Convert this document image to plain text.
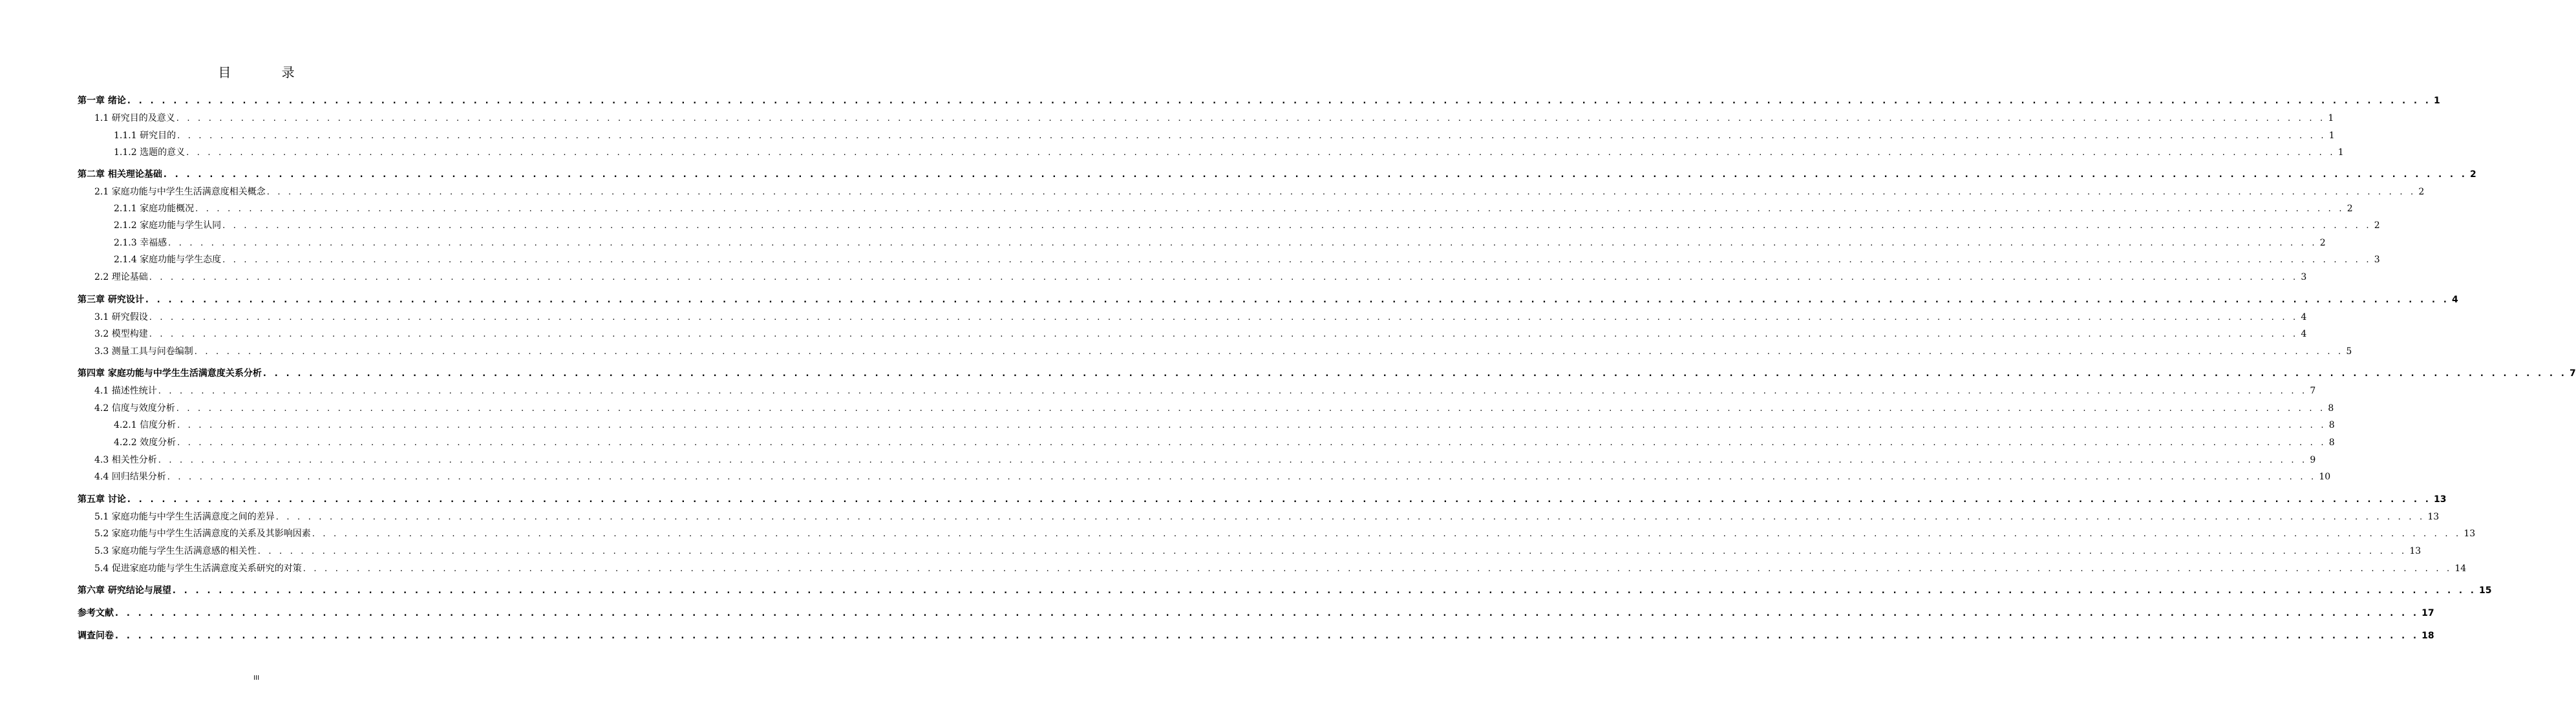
目 录
第一章 绪论 . . . . . . . . . . . . . . . . . . . . . . . . . . . . . . . . . . . . . . . . . . . . . . . . . . . . . . . . . . . . . . . . . . . . . . . . . . . . . . . . . . . . . . . . . . . . . . . . . . . . . . . . . . . . . . . . . . . . . . . . . . . . . . . . . . . . . . . . . . . . . . . . . . . . . . . . . . . . . . . . . . . . . . . . . . . . . . . . . . . . . . . . . . . . . . . . . . . . . . . . 1
1.1 研究目的及意义 . . . . . . . . . . . . . . . . . . . . . . . . . . . . . . . . . . . . . . . . . . . . . . . . . . . . . . . . . . . . . . . . . . . . . . . . . . . . . . . . . . . . . . . . . . . . . . . . . . . . . . . . . . . . . . . . . . . . . . . . . . . . . . . . . . . . . . . . . . . . . . . . . . . . . . . . . . . . . . . . . . . . . . . . . . . . . . . . . . . . . . . . . . . . . . . . . . . . . . . . 1
1.1.1 研究目的 . . . . . . . . . . . . . . . . . . . . . . . . . . . . . . . . . . . . . . . . . . . . . . . . . . . . . . . . . . . . . . . . . . . . . . . . . . . . . . . . . . . . . . . . . . . . . . . . . . . . . . . . . . . . . . . . . . . . . . . . . . . . . . . . . . . . . . . . . . . . . . . . . . . . . . . . . . . . . . . . . . . . . . . . . . . . . . . . . . . . . . . . . . . . . . . . . . . . . . . . 1
1.1.2 选题的意义 . . . . . . . . . . . . . . . . . . . . . . . . . . . . . . . . . . . . . . . . . . . . . . . . . . . . . . . . . . . . . . . . . . . . . . . . . . . . . . . . . . . . . . . . . . . . . . . . . . . . . . . . . . . . . . . . . . . . . . . . . . . . . . . . . . . . . . . . . . . . . . . . . . . . . . . . . . . . . . . . . . . . . . . . . . . . . . . . . . . . . . . . . . . . . . . . . . . . . . . . 1
第二章 相关理论基础 . . . . . . . . . . . . . . . . . . . . . . . . . . . . . . . . . . . . . . . . . . . . . . . . . . . . . . . . . . . . . . . . . . . . . . . . . . . . . . . . . . . . . . . . . . . . . . . . . . . . . . . . . . . . . . . . . . . . . . . . . . . . . . . . . . . . . . . . . . . . . . . . . . . . . . . . . . . . . . . . . . . . . . . . . . . . . . . . . . . . . . . . . . . . . . . . . . . . . . . . 2
2.1 家庭功能与中学生生活满意度相关概念 . . . . . . . . . . . . . . . . . . . . . . . . . . . . . . . . . . . . . . . . . . . . . . . . . . . . . . . . . . . . . . . . . . . . . . . . . . . . . . . . . . . . . . . . . . . . . . . . . . . . . . . . . . . . . . . . . . . . . . . . . . . . . . . . . . . . . . . . . . . . . . . . . . . . . . . . . . . . . . . . . . . . . . . . . . . . . . . . . . . . . . . . . . . . . . . . . . . . . . . . 2
2.1.1 家庭功能概况 . . . . . . . . . . . . . . . . . . . . . . . . . . . . . . . . . . . . . . . . . . . . . . . . . . . . . . . . . . . . . . . . . . . . . . . . . . . . . . . . . . . . . . . . . . . . . . . . . . . . . . . . . . . . . . . . . . . . . . . . . . . . . . . . . . . . . . . . . . . . . . . . . . . . . . . . . . . . . . . . . . . . . . . . . . . . . . . . . . . . . . . . . . . . . . . . . . . . . . . . 2
2.1.2 家庭功能与学生认同 . . . . . . . . . . . . . . . . . . . . . . . . . . . . . . . . . . . . . . . . . . . . . . . . . . . . . . . . . . . . . . . . . . . . . . . . . . . . . . . . . . . . . . . . . . . . . . . . . . . . . . . . . . . . . . . . . . . . . . . . . . . . . . . . . . . . . . . . . . . . . . . . . . . . . . . . . . . . . . . . . . . . . . . . . . . . . . . . . . . . . . . . . . . . . . . . . . . . . . . . 2
2.1.3 幸福感 . . . . . . . . . . . . . . . . . . . . . . . . . . . . . . . . . . . . . . . . . . . . . . . . . . . . . . . . . . . . . . . . . . . . . . . . . . . . . . . . . . . . . . . . . . . . . . . . . . . . . . . . . . . . . . . . . . . . . . . . . . . . . . . . . . . . . . . . . . . . . . . . . . . . . . . . . . . . . . . . . . . . . . . . . . . . . . . . . . . . . . . . . . . . . . . . . . . . . . . . 2
2.1.4 家庭功能与学生态度 . . . . . . . . . . . . . . . . . . . . . . . . . . . . . . . . . . . . . . . . . . . . . . . . . . . . . . . . . . . . . . . . . . . . . . . . . . . . . . . . . . . . . . . . . . . . . . . . . . . . . . . . . . . . . . . . . . . . . . . . . . . . . . . . . . . . . . . . . . . . . . . . . . . . . . . . . . . . . . . . . . . . . . . . . . . . . . . . . . . . . . . . . . . . . . . . . . . . . . . . 3
2.2 理论基础 . . . . . . . . . . . . . . . . . . . . . . . . . . . . . . . . . . . . . . . . . . . . . . . . . . . . . . . . . . . . . . . . . . . . . . . . . . . . . . . . . . . . . . . . . . . . . . . . . . . . . . . . . . . . . . . . . . . . . . . . . . . . . . . . . . . . . . . . . . . . . . . . . . . . . . . . . . . . . . . . . . . . . . . . . . . . . . . . . . . . . . . . . . . . . . . . . . . . . . . . 3
第三章 研究设计 . . . . . . . . . . . . . . . . . . . . . . . . . . . . . . . . . . . . . . . . . . . . . . . . . . . . . . . . . . . . . . . . . . . . . . . . . . . . . . . . . . . . . . . . . . . . . . . . . . . . . . . . . . . . . . . . . . . . . . . . . . . . . . . . . . . . . . . . . . . . . . . . . . . . . . . . . . . . . . . . . . . . . . . . . . . . . . . . . . . . . . . . . . . . . . . . . . . . . . . . 4
3.1 研究假设 . . . . . . . . . . . . . . . . . . . . . . . . . . . . . . . . . . . . . . . . . . . . . . . . . . . . . . . . . . . . . . . . . . . . . . . . . . . . . . . . . . . . . . . . . . . . . . . . . . . . . . . . . . . . . . . . . . . . . . . . . . . . . . . . . . . . . . . . . . . . . . . . . . . . . . . . . . . . . . . . . . . . . . . . . . . . . . . . . . . . . . . . . . . . . . . . . . . . . . . . 4
3.2 模型构建 . . . . . . . . . . . . . . . . . . . . . . . . . . . . . . . . . . . . . . . . . . . . . . . . . . . . . . . . . . . . . . . . . . . . . . . . . . . . . . . . . . . . . . . . . . . . . . . . . . . . . . . . . . . . . . . . . . . . . . . . . . . . . . . . . . . . . . . . . . . . . . . . . . . . . . . . . . . . . . . . . . . . . . . . . . . . . . . . . . . . . . . . . . . . . . . . . . . . . . . . 4
3.3 测量工具与问卷编制 . . . . . . . . . . . . . . . . . . . . . . . . . . . . . . . . . . . . . . . . . . . . . . . . . . . . . . . . . . . . . . . . . . . . . . . . . . . . . . . . . . . . . . . . . . . . . . . . . . . . . . . . . . . . . . . . . . . . . . . . . . . . . . . . . . . . . . . . . . . . . . . . . . . . . . . . . . . . . . . . . . . . . . . . . . . . . . . . . . . . . . . . . . . . . . . . . . . . . . . . 5
第四章 家庭功能与中学生生活满意度关系分析 . . . . . . . . . . . . . . . . . . . . . . . . . . . . . . . . . . . . . . . . . . . . . . . . . . . . . . . . . . . . . . . . . . . . . . . . . . . . . . . . . . . . . . . . . . . . . . . . . . . . . . . . . . . . . . . . . . . . . . . . . . . . . . . . . . . . . . . . . . . . . . . . . . . . . . . . . . . . . . . . . . . . . . . . . . . . . . . . . . . . . . . . . . . . . . . . . . . . . . . . 7
4.1 描述性统计 . . . . . . . . . . . . . . . . . . . . . . . . . . . . . . . . . . . . . . . . . . . . . . . . . . . . . . . . . . . . . . . . . . . . . . . . . . . . . . . . . . . . . . . . . . . . . . . . . . . . . . . . . . . . . . . . . . . . . . . . . . . . . . . . . . . . . . . . . . . . . . . . . . . . . . . . . . . . . . . . . . . . . . . . . . . . . . . . . . . . . . . . . . . . . . . . . . . . . . . . 7
4.2 信度与效度分析 . . . . . . . . . . . . . . . . . . . . . . . . . . . . . . . . . . . . . . . . . . . . . . . . . . . . . . . . . . . . . . . . . . . . . . . . . . . . . . . . . . . . . . . . . . . . . . . . . . . . . . . . . . . . . . . . . . . . . . . . . . . . . . . . . . . . . . . . . . . . . . . . . . . . . . . . . . . . . . . . . . . . . . . . . . . . . . . . . . . . . . . . . . . . . . . . . . . . . . . . 8
4.2.1 信度分析 . . . . . . . . . . . . . . . . . . . . . . . . . . . . . . . . . . . . . . . . . . . . . . . . . . . . . . . . . . . . . . . . . . . . . . . . . . . . . . . . . . . . . . . . . . . . . . . . . . . . . . . . . . . . . . . . . . . . . . . . . . . . . . . . . . . . . . . . . . . . . . . . . . . . . . . . . . . . . . . . . . . . . . . . . . . . . . . . . . . . . . . . . . . . . . . . . . . . . . . . 8
4.2.2 效度分析 . . . . . . . . . . . . . . . . . . . . . . . . . . . . . . . . . . . . . . . . . . . . . . . . . . . . . . . . . . . . . . . . . . . . . . . . . . . . . . . . . . . . . . . . . . . . . . . . . . . . . . . . . . . . . . . . . . . . . . . . . . . . . . . . . . . . . . . . . . . . . . . . . . . . . . . . . . . . . . . . . . . . . . . . . . . . . . . . . . . . . . . . . . . . . . . . . . . . . . . . 8
4.3 相关性分析 . . . . . . . . . . . . . . . . . . . . . . . . . . . . . . . . . . . . . . . . . . . . . . . . . . . . . . . . . . . . . . . . . . . . . . . . . . . . . . . . . . . . . . . . . . . . . . . . . . . . . . . . . . . . . . . . . . . . . . . . . . . . . . . . . . . . . . . . . . . . . . . . . . . . . . . . . . . . . . . . . . . . . . . . . . . . . . . . . . . . . . . . . . . . . . . . . . . . . . . . 9
4.4 回归结果分析 . . . . . . . . . . . . . . . . . . . . . . . . . . . . . . . . . . . . . . . . . . . . . . . . . . . . . . . . . . . . . . . . . . . . . . . . . . . . . . . . . . . . . . . . . . . . . . . . . . . . . . . . . . . . . . . . . . . . . . . . . . . . . . . . . . . . . . . . . . . . . . . . . . . . . . . . . . . . . . . . . . . . . . . . . . . . . . . . . . . . . . . . . . . . . . . . . . . . . . . . 10
第五章 讨论 . . . . . . . . . . . . . . . . . . . . . . . . . . . . . . . . . . . . . . . . . . . . . . . . . . . . . . . . . . . . . . . . . . . . . . . . . . . . . . . . . . . . . . . . . . . . . . . . . . . . . . . . . . . . . . . . . . . . . . . . . . . . . . . . . . . . . . . . . . . . . . . . . . . . . . . . . . . . . . . . . . . . . . . . . . . . . . . . . . . . . . . . . . . . . . . . . . . . . . . . 13
5.1 家庭功能与中学生生活满意度之间的差异 . . . . . . . . . . . . . . . . . . . . . . . . . . . . . . . . . . . . . . . . . . . . . . . . . . . . . . . . . . . . . . . . . . . . . . . . . . . . . . . . . . . . . . . . . . . . . . . . . . . . . . . . . . . . . . . . . . . . . . . . . . . . . . . . . . . . . . . . . . . . . . . . . . . . . . . . . . . . . . . . . . . . . . . . . . . . . . . . . . . . . . . . . . . . . . . . . . . . . . . . 13
5.2 家庭功能与中学生生活满意度的关系及其影响因素 . . . . . . . . . . . . . . . . . . . . . . . . . . . . . . . . . . . . . . . . . . . . . . . . . . . . . . . . . . . . . . . . . . . . . . . . . . . . . . . . . . . . . . . . . . . . . . . . . . . . . . . . . . . . . . . . . . . . . . . . . . . . . . . . . . . . . . . . . . . . . . . . . . . . . . . . . . . . . . . . . . . . . . . . . . . . . . . . . . . . . . . . . . . . . . . . . . . . . . . . 13
5.3 家庭功能与学生生活满意感的相关性 . . . . . . . . . . . . . . . . . . . . . . . . . . . . . . . . . . . . . . . . . . . . . . . . . . . . . . . . . . . . . . . . . . . . . . . . . . . . . . . . . . . . . . . . . . . . . . . . . . . . . . . . . . . . . . . . . . . . . . . . . . . . . . . . . . . . . . . . . . . . . . . . . . . . . . . . . . . . . . . . . . . . . . . . . . . . . . . . . . . . . . . . . . . . . . . . . . . . . . . . 13
5.4 促进家庭功能与学生生活满意度关系研究的对策 . . . . . . . . . . . . . . . . . . . . . . . . . . . . . . . . . . . . . . . . . . . . . . . . . . . . . . . . . . . . . . . . . . . . . . . . . . . . . . . . . . . . . . . . . . . . . . . . . . . . . . . . . . . . . . . . . . . . . . . . . . . . . . . . . . . . . . . . . . . . . . . . . . . . . . . . . . . . . . . . . . . . . . . . . . . . . . . . . . . . . . . . . . . . . . . . . . . . . . . . 14
第六章 研究结论与展望 . . . . . . . . . . . . . . . . . . . . . . . . . . . . . . . . . . . . . . . . . . . . . . . . . . . . . . . . . . . . . . . . . . . . . . . . . . . . . . . . . . . . . . . . . . . . . . . . . . . . . . . . . . . . . . . . . . . . . . . . . . . . . . . . . . . . . . . . . . . . . . . . . . . . . . . . . . . . . . . . . . . . . . . . . . . . . . . . . . . . . . . . . . . . . . . . . . . . . . . . 15
参考文献 . . . . . . . . . . . . . . . . . . . . . . . . . . . . . . . . . . . . . . . . . . . . . . . . . . . . . . . . . . . . . . . . . . . . . . . . . . . . . . . . . . . . . . . . . . . . . . . . . . . . . . . . . . . . . . . . . . . . . . . . . . . . . . . . . . . . . . . . . . . . . . . . . . . . . . . . . . . . . . . . . . . . . . . . . . . . . . . . . . . . . . . . . . . . . . . . . . . . . . . . 17
调查问卷 . . . . . . . . . . . . . . . . . . . . . . . . . . . . . . . . . . . . . . . . . . . . . . . . . . . . . . . . . . . . . . . . . . . . . . . . . . . . . . . . . . . . . . . . . . . . . . . . . . . . . . . . . . . . . . . . . . . . . . . . . . . . . . . . . . . . . . . . . . . . . . . . . . . . . . . . . . . . . . . . . . . . . . . . . . . . . . . . . . . . . . . . . . . . . . . . . . . . . . . . 18
III
